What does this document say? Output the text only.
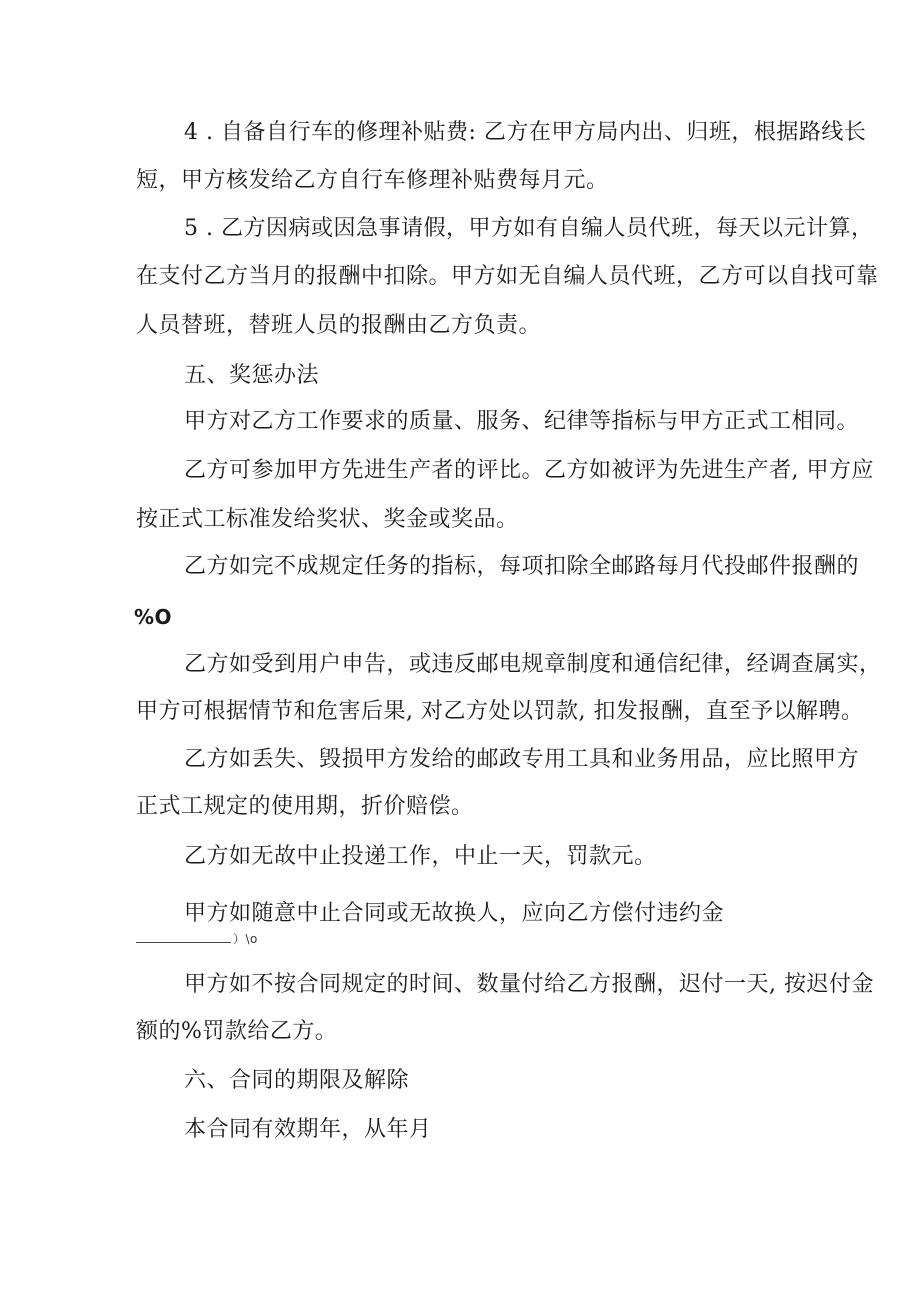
4 . 自备自行车的修理补贴费: 乙方在甲方局内出、归班，根据路线长
短，甲方核发给乙方自行车修理补贴费每月元。
5 . 乙方因病或因急事请假，甲方如有自编人员代班，每天以元计算，
在支付乙方当月的报酬中扣除。甲方如无自编人员代班，乙方可以自找可靠
人员替班，替班人员的报酬由乙方负责。
五、奖惩办法
甲方对乙方工作要求的质量、服务、纪律等指标与甲方正式工相同。
乙方可参加甲方先进生产者的评比。乙方如被评为先进生产者, 甲方应
按正式工标准发给奖状、奖金或奖品。
乙方如完不成规定任务的指标，每项扣除全邮路每月代投邮件报酬的
%O
乙方如受到用户申告，或违反邮电规章制度和通信纪律，经调查属实，
甲方可根据情节和危害后果, 对乙方处以罚款, 扣发报酬，直至予以解聘。
乙方如丢失、毁损甲方发给的邮政专用工具和业务用品，应比照甲方
正式工规定的使用期，折价赔偿。
乙方如无故中止投递工作，中止一天，罚款元。
甲方如随意中止合同或无故换人，应向乙方偿付违约金
）\o
甲方如不按合同规定的时间、数量付给乙方报酬，迟付一天, 按迟付金
额的%罚款给乙方。
六、合同的期限及解除
本合同有效期年，从年月
